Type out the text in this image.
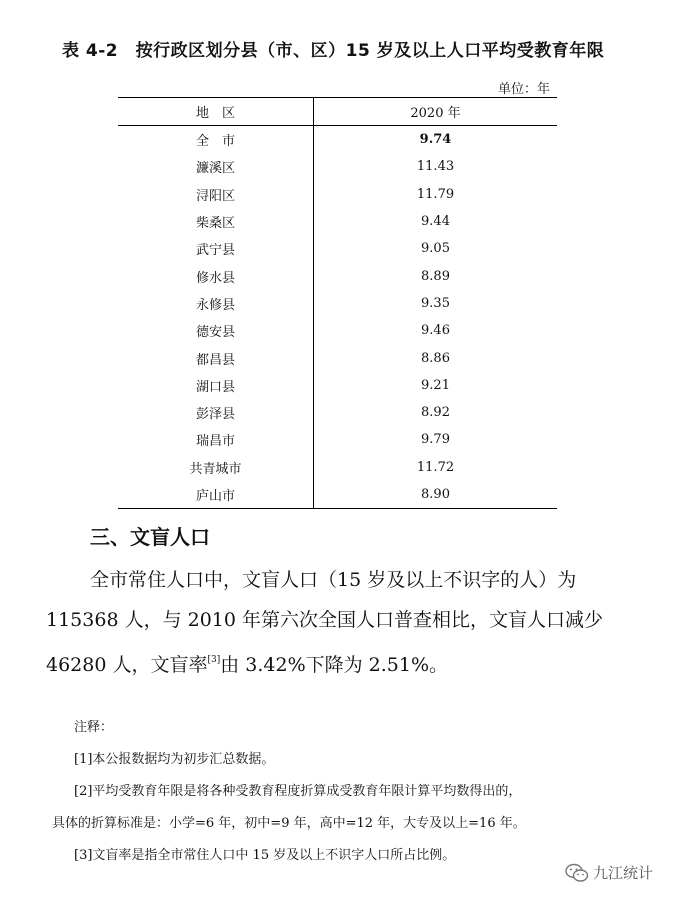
表 4-2　按行政区划分县（市、区）15 岁及以上人口平均受教育年限
单位：年
地　区	2020 年
全　市	9.74
濂溪区	11.43
浔阳区	11.79
柴桑区	9.44
武宁县	9.05
修水县	8.89
永修县	9.35
德安县	9.46
都昌县	8.86
湖口县	9.21
彭泽县	8.92
瑞昌市	9.79
共青城市	11.72
庐山市	8.90
三、文盲人口
全市常住人口中，文盲人口（15 岁及以上不识字的人）为
115368 人，与 2010 年第六次全国人口普查相比，文盲人口减少
46280 人，文盲率[3]由 3.42%下降为 2.51%。
注释：
[1]本公报数据均为初步汇总数据。
[2]平均受教育年限是将各种受教育程度折算成受教育年限计算平均数得出的，
具体的折算标准是：小学=6 年，初中=9 年，高中=12 年，大专及以上=16 年。
[3]文盲率是指全市常住人口中 15 岁及以上不识字人口所占比例。
九江统计
